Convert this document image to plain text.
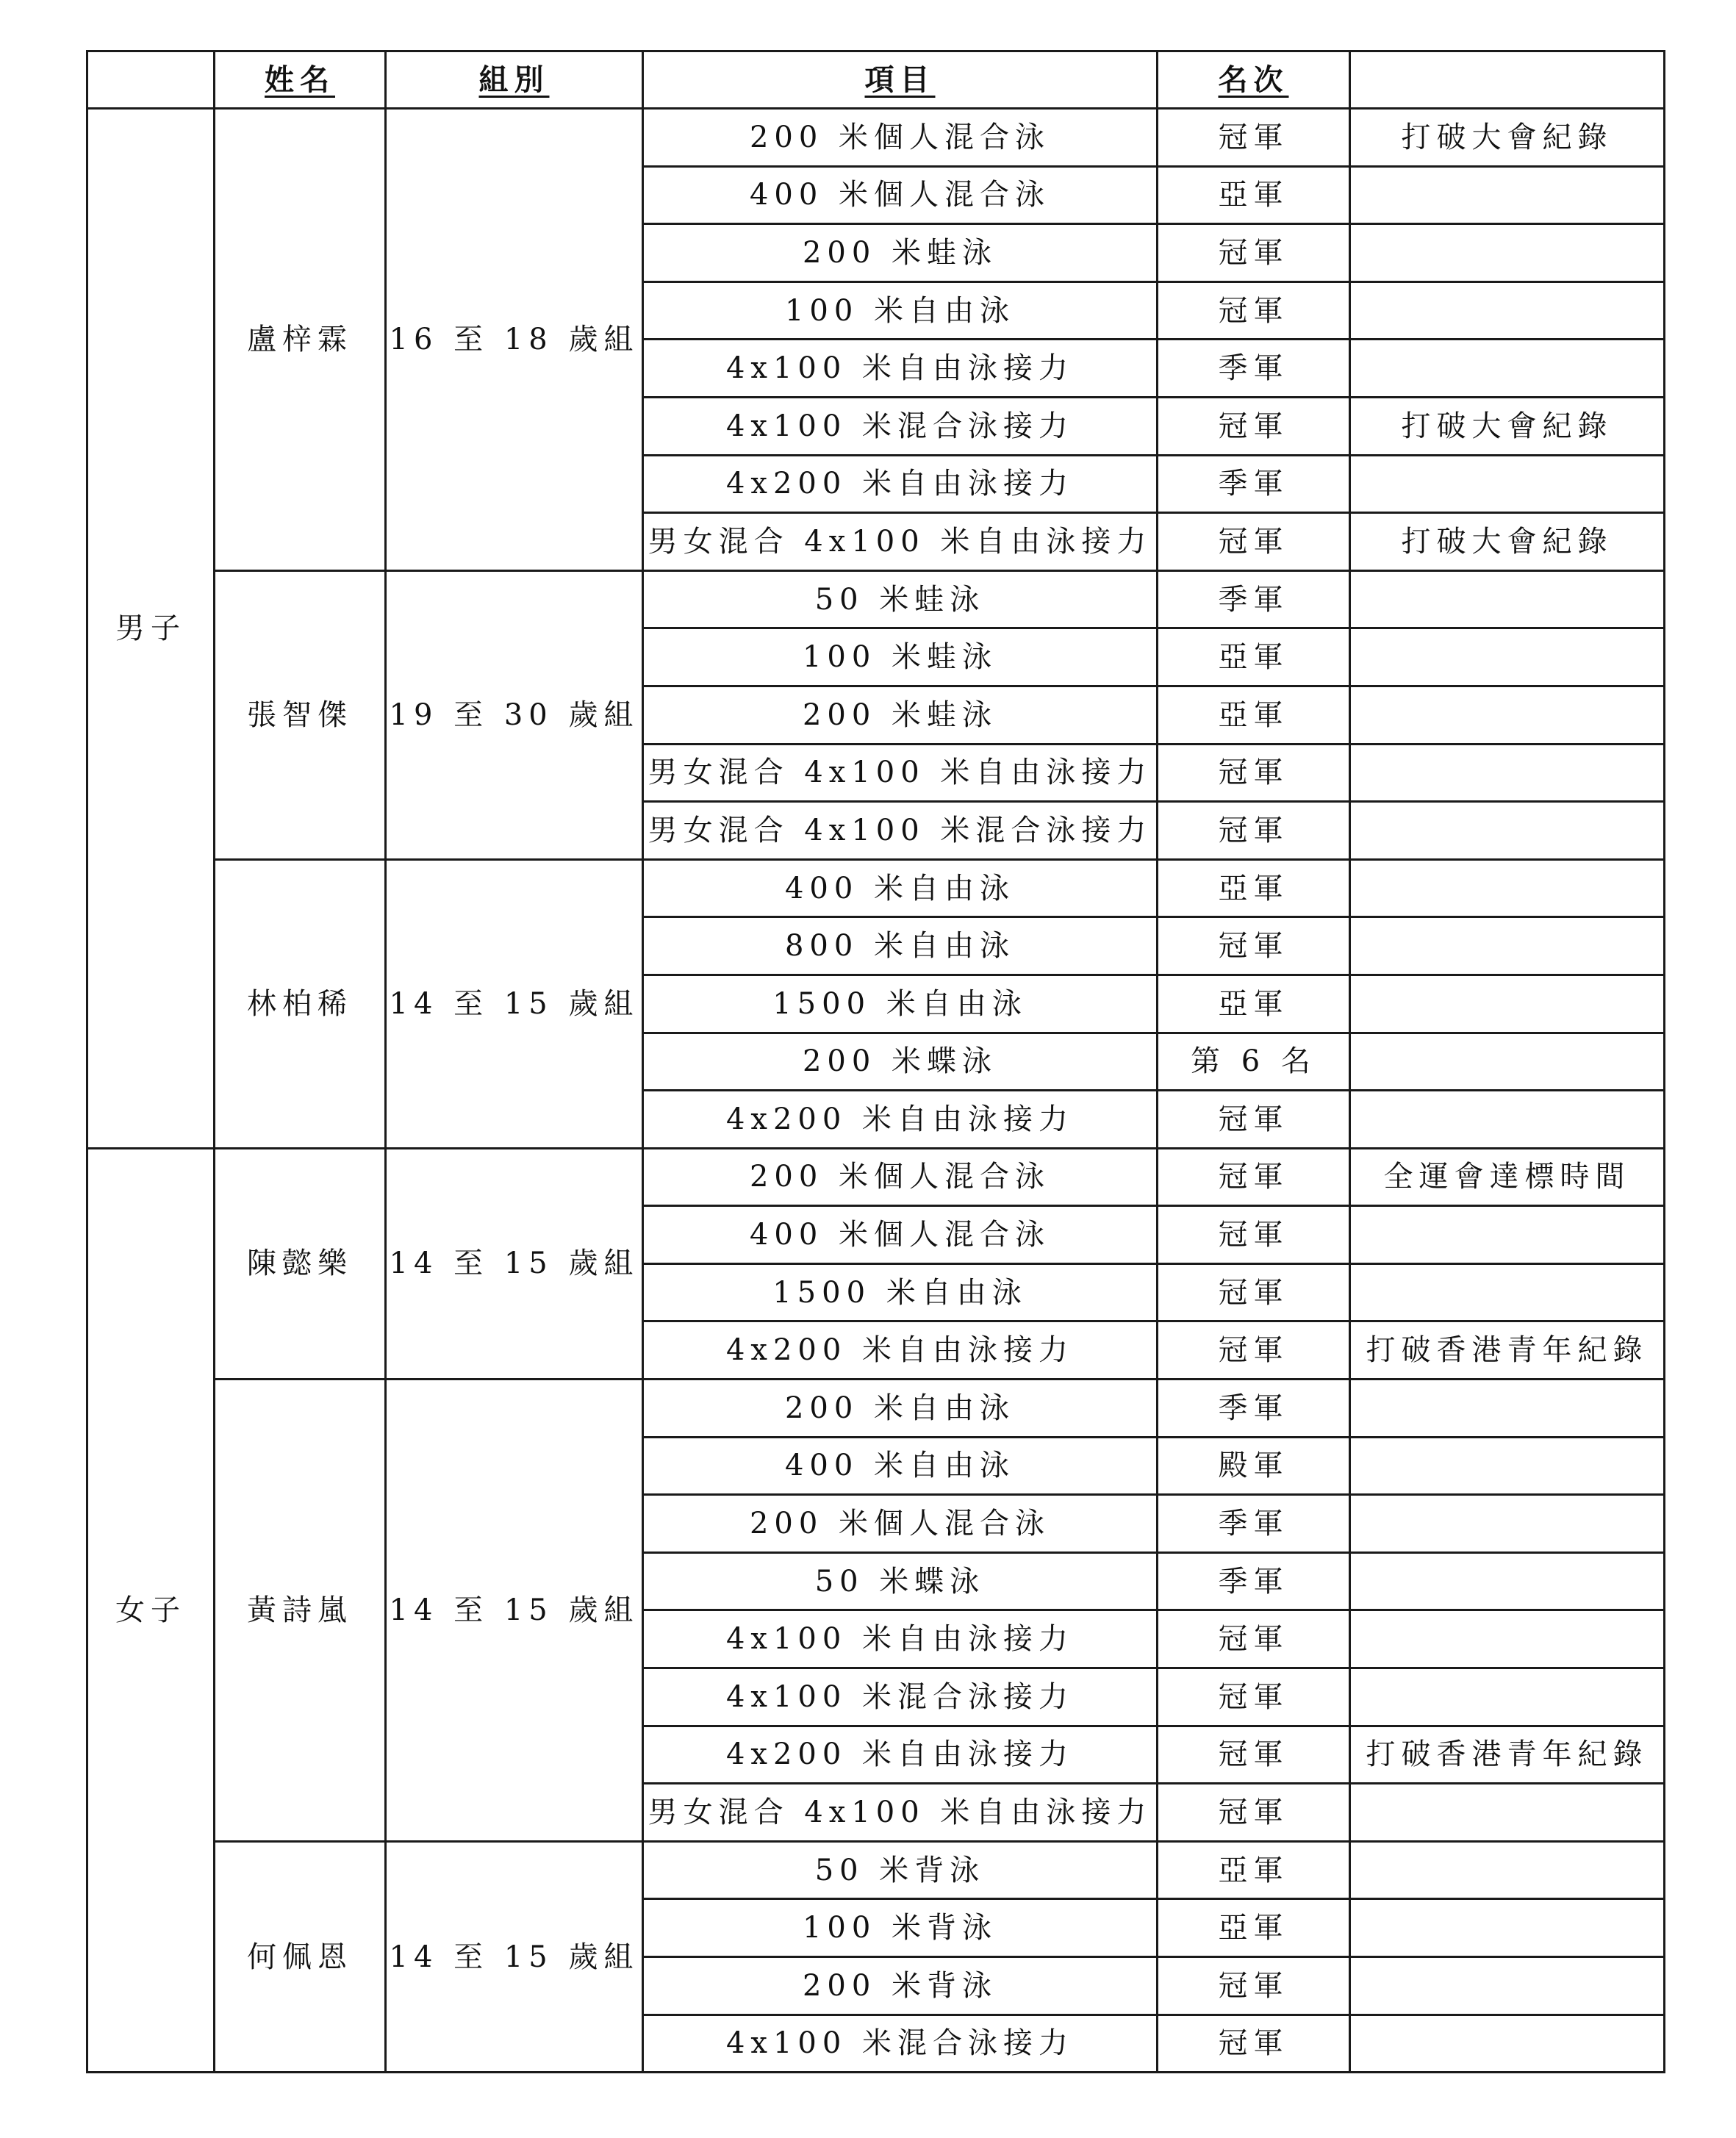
	姓名	組別	項目	名次	
男子	盧梓霖	16 至 18 歲組	200 米個人混合泳	冠軍	打破大會紀錄
			400 米個人混合泳	亞軍	
			200 米蛙泳	冠軍	
			100 米自由泳	冠軍	
			4x100 米自由泳接力	季軍	
			4x100 米混合泳接力	冠軍	打破大會紀錄
			4x200 米自由泳接力	季軍	
			男女混合 4x100 米自由泳接力	冠軍	打破大會紀錄
	張智傑	19 至 30 歲組	50 米蛙泳	季軍	
			100 米蛙泳	亞軍	
			200 米蛙泳	亞軍	
			男女混合 4x100 米自由泳接力	冠軍	
			男女混合 4x100 米混合泳接力	冠軍	
	林柏稀	14 至 15 歲組	400 米自由泳	亞軍	
			800 米自由泳	冠軍	
			1500 米自由泳	亞軍	
			200 米蝶泳	第 6 名	
			4x200 米自由泳接力	冠軍	
女子	陳懿樂	14 至 15 歲組	200 米個人混合泳	冠軍	全運會達標時間
			400 米個人混合泳	冠軍	
			1500 米自由泳	冠軍	
			4x200 米自由泳接力	冠軍	打破香港青年紀錄
	黃詩嵐	14 至 15 歲組	200 米自由泳	季軍	
			400 米自由泳	殿軍	
			200 米個人混合泳	季軍	
			50 米蝶泳	季軍	
			4x100 米自由泳接力	冠軍	
			4x100 米混合泳接力	冠軍	
			4x200 米自由泳接力	冠軍	打破香港青年紀錄
			男女混合 4x100 米自由泳接力	冠軍	
	何佩恩	14 至 15 歲組	50 米背泳	亞軍	
			100 米背泳	亞軍	
			200 米背泳	冠軍	
			4x100 米混合泳接力	冠軍	
